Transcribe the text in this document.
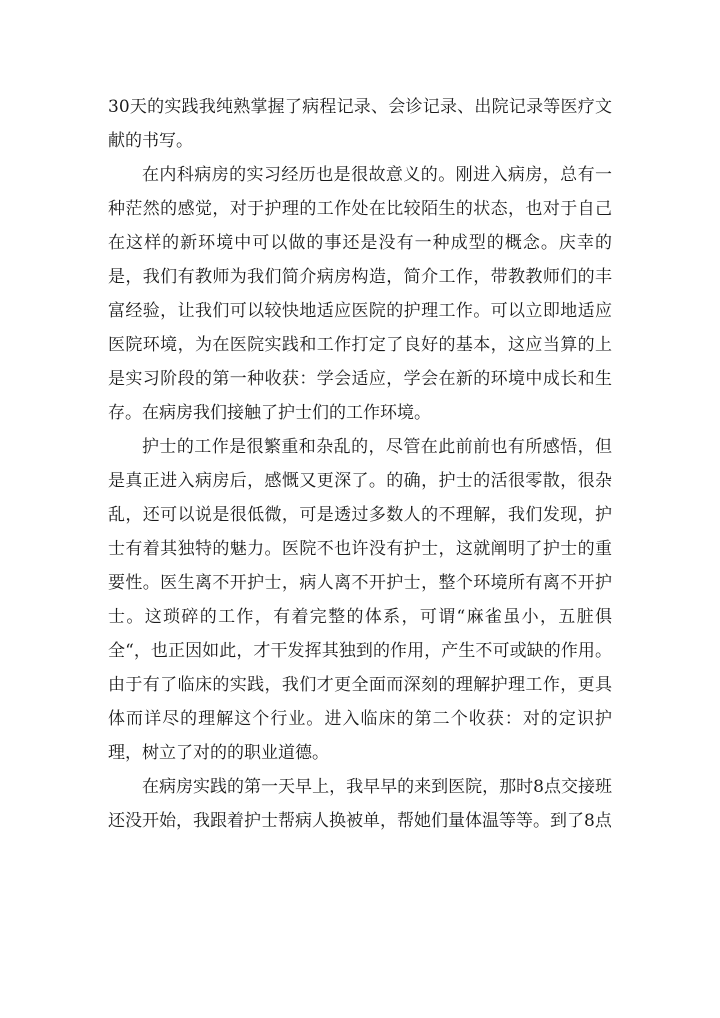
30天的实践我纯熟掌握了病程记录、会诊记录、出院记录等医疗文献的书写。

在内科病房的实习经历也是很故意义的。刚进入病房，总有一种茫然的感觉，对于护理的工作处在比较陌生的状态，也对于自己在这样的新环境中可以做的事还是没有一种成型的概念。庆幸的是，我们有教师为我们简介病房构造，简介工作，带教教师们的丰富经验，让我们可以较快地适应医院的护理工作。可以立即地适应医院环境，为在医院实践和工作打定了良好的基本，这应当算的上是实习阶段的第一种收获：学会适应，学会在新的环境中成长和生存。在病房我们接触了护士们的工作环境。

护士的工作是很繁重和杂乱的，尽管在此前前也有所感悟，但是真正进入病房后，感慨又更深了。的确，护士的活很零散，很杂乱，还可以说是很低微，可是透过多数人的不理解，我们发现，护士有着其独特的魅力。医院不也许没有护士，这就阐明了护士的重要性。医生离不开护士，病人离不开护士，整个环境所有离不开护士。这琐碎的工作，有着完整的体系，可谓“麻雀虽小，五脏俱全“，也正因如此，才干发挥其独到的作用，产生不可或缺的作用。由于有了临床的实践，我们才更全面而深刻的理解护理工作，更具体而详尽的理解这个行业。进入临床的第二个收获：对的定识护理，树立了对的的职业道德。

在病房实践的第一天早上，我早早的来到医院，那时8点交接班还没开始，我跟着护士帮病人换被单，帮她们量体温等等。到了8点
